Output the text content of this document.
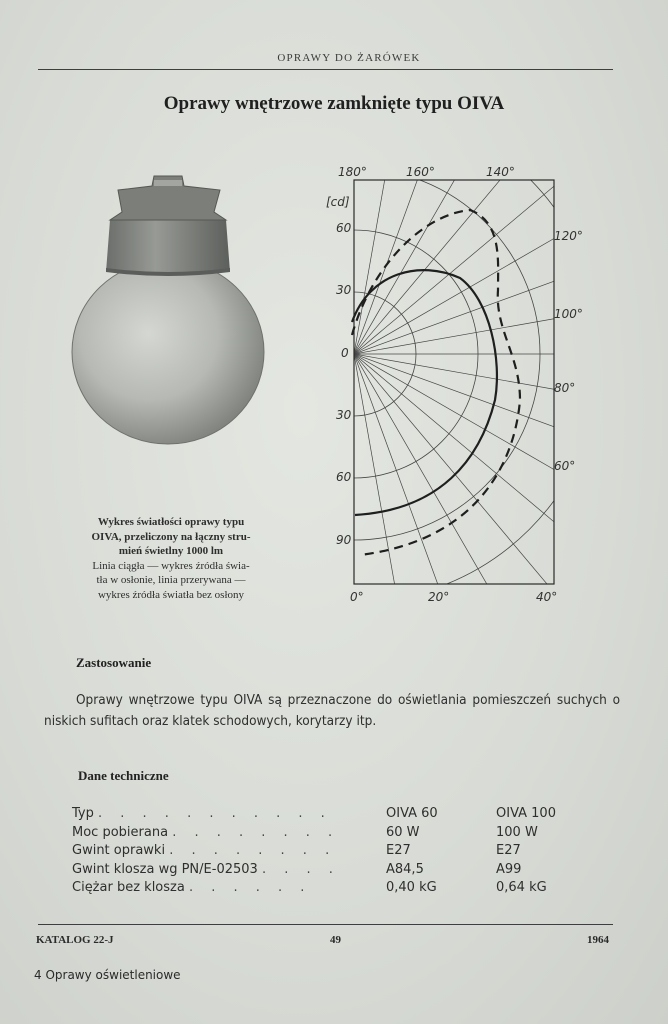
OPRAWY DO ŻARÓWEK
Oprawy wnętrzowe zamknięte typu OIVA
[cd]
180°	160°	140°
120°
100°
80°
60°
60
30
0
30
60
90
0°	20°	40°
Wykres światłości oprawy typu
OIVA, przeliczony na łączny stru-
mień świetlny 1000 lm
Linia ciągła — wykres źródła świa-
tła w osłonie, linia przerywana —
wykres źródła światła bez osłony
Zastosowanie
Oprawy wnętrzowe typu OIVA są przeznaczone do oświetlania pomieszczeń suchych o niskich sufitach oraz klatek schodowych, korytarzy itp.
Dane techniczne
Typ . . . . . . . . . . .	OIVA 60	OIVA 100
Moc pobierana . . . . . . . .	60 W	100 W
Gwint oprawki . . . . . . . .	E27	E27
Gwint klosza wg PN/E-02503 . . . .	A84,5	A99
Ciężar bez klosza . . . . . .	0,40 kG	0,64 kG
KATALOG 22-J	49	1964
4 Oprawy oświetleniowe
